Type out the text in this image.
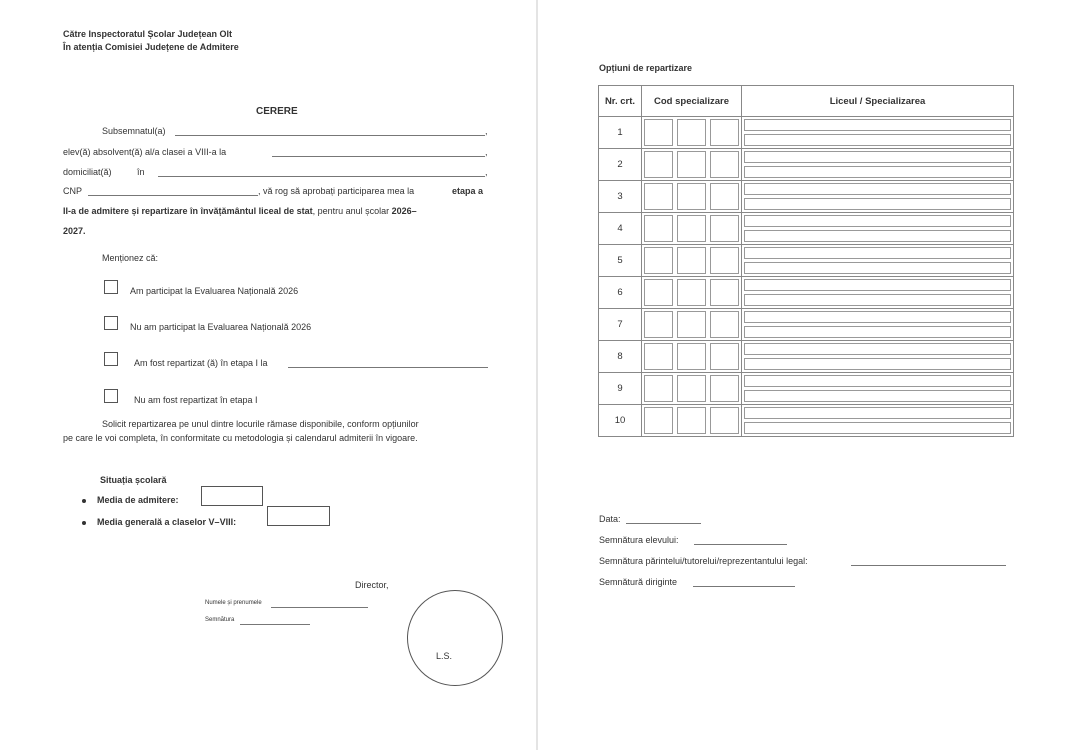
Către Inspectoratul Școlar Județean Olt
În atenția Comisiei Județene de Admitere
CERERE
Subsemnatul(a)	,
elev(ă) absolvent(ă) al/a clasei a VIII-a la	,
domiciliat(ă)	în	,
CNP	, vă rog să aprobați participarea mea la	etapa a
II-a de admitere și repartizare în învățământul liceal de stat, pentru anul școlar 2026–
2027.
Menționez că:
Am participat la Evaluarea Națională 2026
Nu am participat la Evaluarea Națională 2026
Am fost repartizat (ă) în etapa I la
Nu am fost repartizat în etapa I
Solicit repartizarea pe unul dintre locurile rămase disponibile, conform opțiunilor
pe care le voi completa, în conformitate cu metodologia și calendarul admiterii în vigoare.
Situația școlară
Media de admitere:
Media generală a claselor V–VIII:
Director,
Numele și prenumele
Semnătura
L.S.
Opțiuni de repartizare
Nr. crt.	Cod specializare	Liceul / Specializarea
1	

2	

3	

4	

5	

6	

7	

8	

9	

10	

Data:
Semnătura elevului:
Semnătura părintelui/tutorelui/reprezentantului legal:
Semnătură diriginte
